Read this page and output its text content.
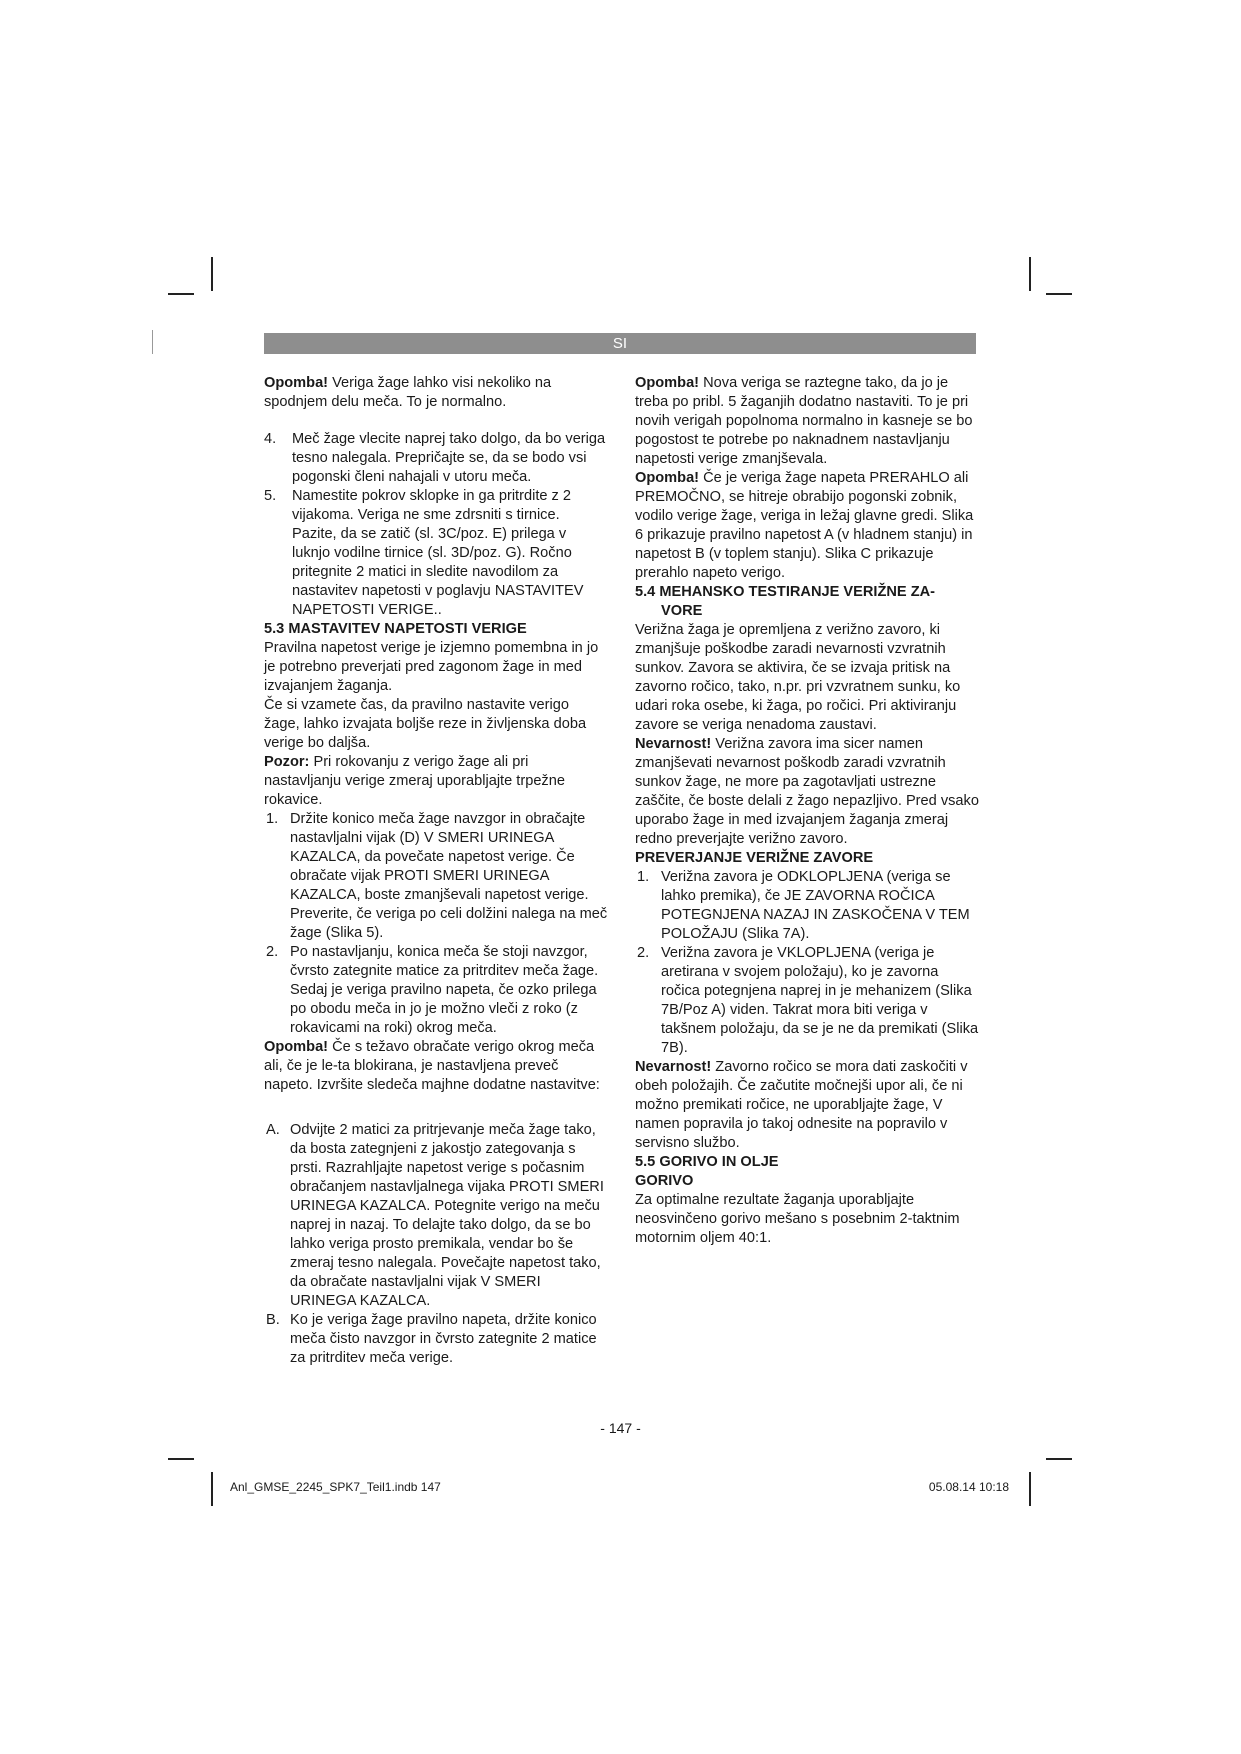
SI

Opomba! Veriga žage lahko visi nekoliko na spodnjem delu meča. To je normalno.

4. Meč žage vlecite naprej tako dolgo, da bo veriga tesno nalegala. Prepričajte se, da se bodo vsi pogonski členi nahajali v utoru meča.
5. Namestite pokrov sklopke in ga pritrdite z 2 vijakoma. Veriga ne sme zdrsniti s tirnice. Pazite, da se zatič (sl. 3C/poz. E) prilega v luknjo vodilne tirnice (sl. 3D/poz. G). Ročno pritegnite 2 matici in sledite navodilom za nastavitev napetosti v poglavju NASTAVITEV NAPETOSTI VERIGE..

5.3 MASTAVITEV NAPETOSTI VERIGE

Pravilna napetost verige je izjemno pomembna in jo je potrebno preverjati pred zagonom žage in med izvajanjem žaganja.

Če si vzamete čas, da pravilno nastavite verigo žage, lahko izvajata boljše reze in življenska doba verige bo daljša.

Pozor: Pri rokovanju z verigo žage ali pri nastavljanju verige zmeraj uporabljajte trpežne rokavice.

1. Držite konico meča žage navzgor in obračajte nastavljalni vijak (D) V SMERI URINEGA KAZALCA, da povečate napetost verige. Če obračate vijak PROTI SMERI URINEGA KAZALCA, boste zmanjševali napetost verige. Preverite, če veriga po celi dolžini nalega na meč žage (Slika 5).
2. Po nastavljanju, konica meča še stoji navzgor, čvrsto zategnite matice za pritrditev meča žage. Sedaj je veriga pravilno napeta, če ozko prilega po obodu meča in jo je možno vleči z roko (z rokavicami na roki) okrog meča.

Opomba! Če s težavo obračate verigo okrog meča ali, če je le-ta blokirana, je nastavljena preveč napeto. Izvršite sledeča majhne dodatne nastavitve:

A. Odvijte 2 matici za pritrjevanje meča žage tako, da bosta zategnjeni z jakostjo zategovanja s prsti. Razrahljajte napetost verige s počasnim obračanjem nastavljalnega vijaka PROTI SMERI URINEGA KAZALCA. Potegnite verigo na meču naprej in nazaj. To delajte tako dolgo, da se bo lahko veriga prosto premikala, vendar bo še zmeraj tesno nalegala. Povečajte napetost tako, da obračate nastavljalni vijak V SMERI URINEGA KAZALCA.
B. Ko je veriga žage pravilno napeta, držite konico meča čisto navzgor in čvrsto zategnite 2 matice za pritrditev meča verige.

Opomba! Nova veriga se raztegne tako, da jo je treba po pribl. 5 žaganjih dodatno nastaviti. To je pri novih verigah popolnoma normalno in kasneje se bo pogostost te potrebe po naknadnem nastavljanju napetosti verige zmanjševala.

Opomba! Če je veriga žage napeta PRERAHLO ali PREMOČNO, se hitreje obrabijo pogonski zobnik, vodilo verige žage, veriga in ležaj glavne gredi. Slika 6 prikazuje pravilno napetost A (v hladnem stanju) in napetost B (v toplem stanju). Slika C prikazuje prerahlo napeto verigo.

5.4 MEHANSKO TESTIRANJE VERIŽNE ZA-
VORE

Verižna žaga je opremljena z verižno zavoro, ki zmanjšuje poškodbe zaradi nevarnosti vzvratnih sunkov. Zavora se aktivira, če se izvaja pritisk na zavorno ročico, tako, n.pr. pri vzvratnem sunku, ko udari roka osebe, ki žaga, po ročici. Pri aktiviranju zavore se veriga nenadoma zaustavi.

Nevarnost! Verižna zavora ima sicer namen zmanjševati nevarnost poškodb zaradi vzvratnih sunkov žage, ne more pa zagotavljati ustrezne zaščite, če boste delali z žago nepazljivo. Pred vsako uporabo žage in med izvajanjem žaganja zmeraj redno preverjajte verižno zavoro.

PREVERJANJE VERIŽNE ZAVORE

1. Verižna zavora je ODKLOPLJENA (veriga se lahko premika), če JE ZAVORNA ROČICA POTEGNJENA NAZAJ IN ZASKOČENA V TEM POLOŽAJU (Slika 7A).
2. Verižna zavora je VKLOPLJENA (veriga je aretirana v svojem položaju), ko je zavorna ročica potegnjena naprej in je mehanizem (Slika 7B/Poz A) viden. Takrat mora biti veriga v takšnem položaju, da se je ne da premikati (Slika 7B).

Nevarnost! Zavorno ročico se mora dati zaskočiti v obeh položajih. Če začutite močnejši upor ali, če ni možno premikati ročice, ne uporabljajte žage, V namen popravila jo takoj odnesite na popravilo v servisno službo.

5.5 GORIVO IN OLJE
GORIVO

Za optimalne rezultate žaganja uporabljajte neosvinčeno gorivo mešano s posebnim 2-taktnim motornim oljem 40:1.

- 147 -
Anl_GMSE_2245_SPK7_Teil1.indb 147	05.08.14 10:18
